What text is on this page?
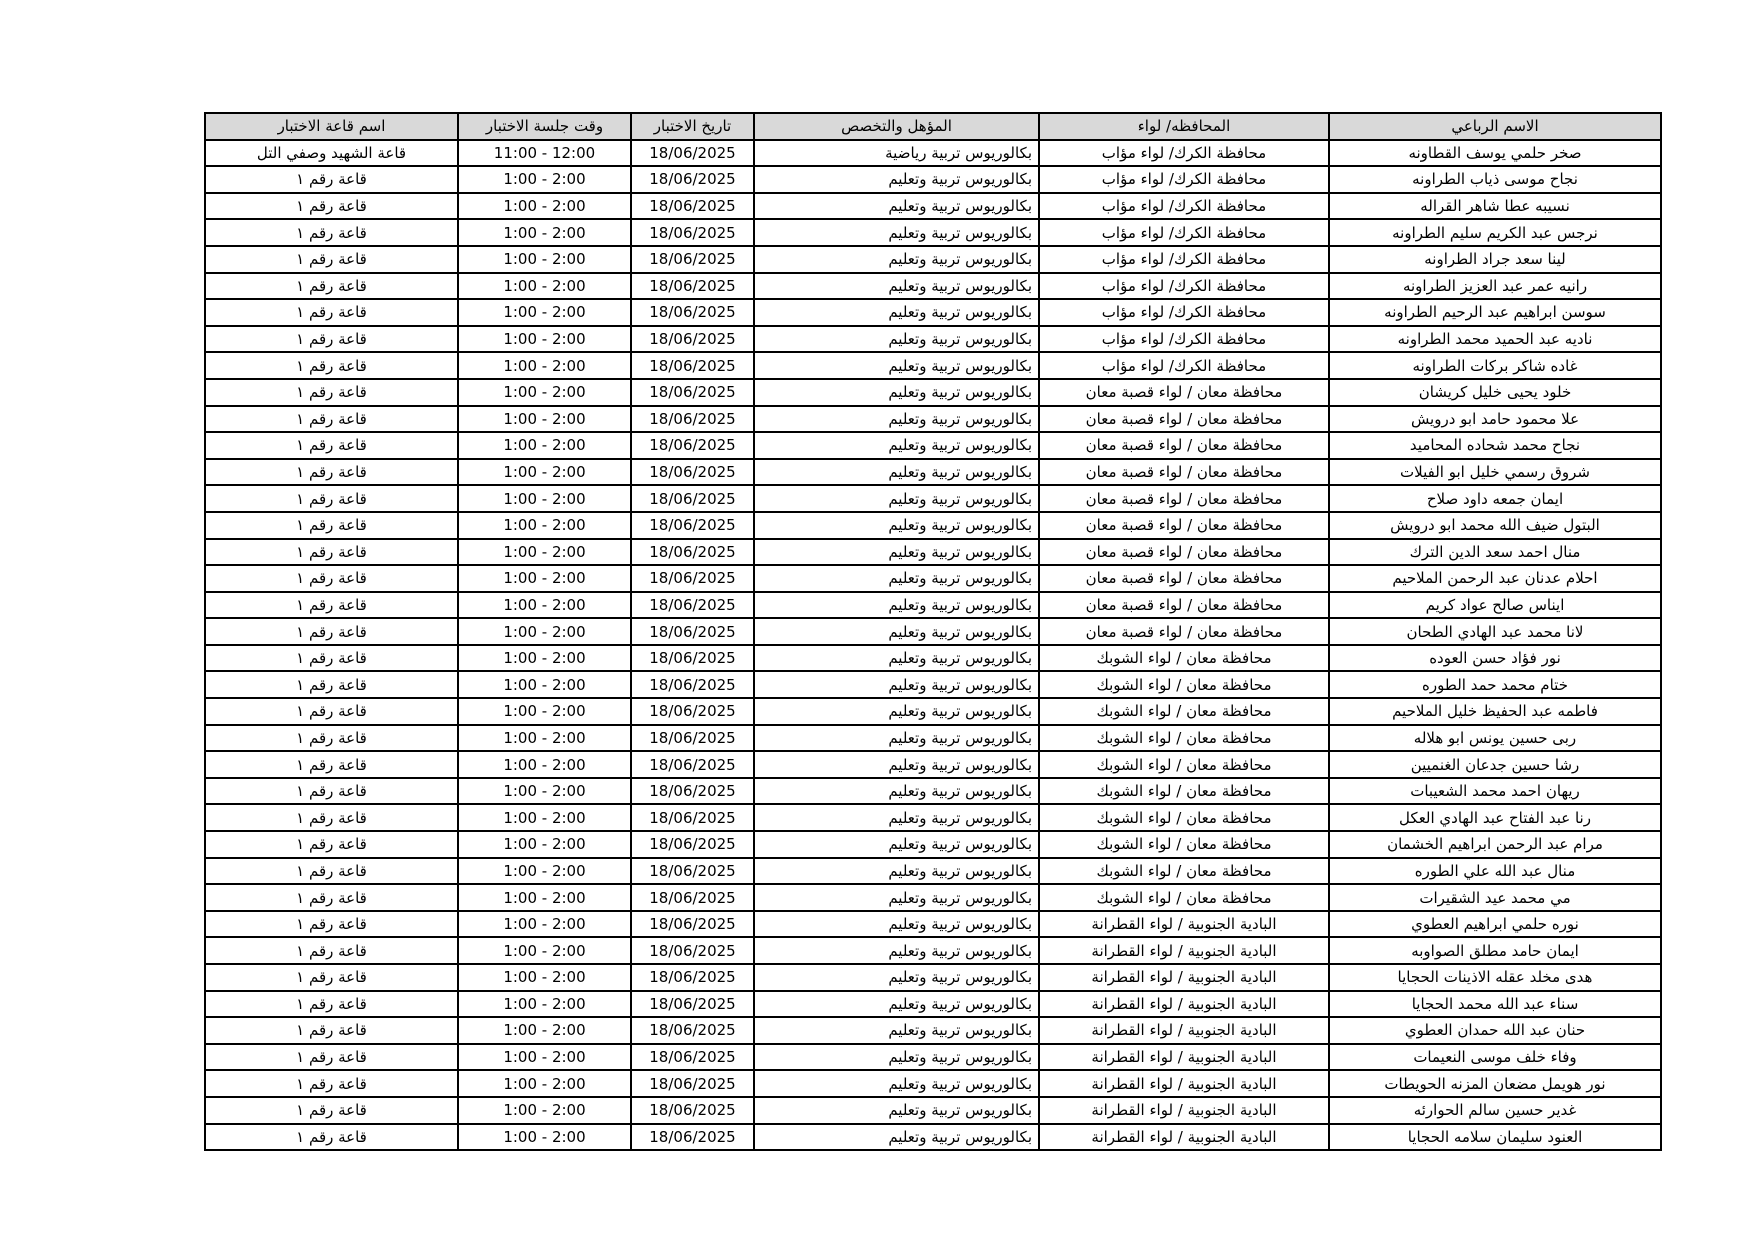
اسم قاعة الاختبار	وقت جلسة الاختبار	تاريخ الاختبار	المؤهل والتخصص	المحافظه/ لواء	الاسم الرباعي
قاعة الشهيد وصفي التل	11:00 - 12:00	18/06/2025	بكالوريوس تربية رياضية	محافظة الكرك/ لواء مؤاب	صخر حلمي يوسف القطاونه
قاعة رقم ١	1:00 - 2:00	18/06/2025	بكالوريوس تربية وتعليم	محافظة الكرك/ لواء مؤاب	نجاح موسى ذياب الطراونه
قاعة رقم ١	1:00 - 2:00	18/06/2025	بكالوريوس تربية وتعليم	محافظة الكرك/ لواء مؤاب	نسيبه عطا شاهر القراله
قاعة رقم ١	1:00 - 2:00	18/06/2025	بكالوريوس تربية وتعليم	محافظة الكرك/ لواء مؤاب	نرجس عبد الكريم سليم الطراونه
قاعة رقم ١	1:00 - 2:00	18/06/2025	بكالوريوس تربية وتعليم	محافظة الكرك/ لواء مؤاب	لينا سعد جراد الطراونه
قاعة رقم ١	1:00 - 2:00	18/06/2025	بكالوريوس تربية وتعليم	محافظة الكرك/ لواء مؤاب	رانيه عمر عبد العزيز الطراونه
قاعة رقم ١	1:00 - 2:00	18/06/2025	بكالوريوس تربية وتعليم	محافظة الكرك/ لواء مؤاب	سوسن ابراهيم عبد الرحيم الطراونه
قاعة رقم ١	1:00 - 2:00	18/06/2025	بكالوريوس تربية وتعليم	محافظة الكرك/ لواء مؤاب	ناديه عبد الحميد محمد الطراونه
قاعة رقم ١	1:00 - 2:00	18/06/2025	بكالوريوس تربية وتعليم	محافظة الكرك/ لواء مؤاب	غاده شاكر بركات الطراونه
قاعة رقم ١	1:00 - 2:00	18/06/2025	بكالوريوس تربية وتعليم	محافظة معان / لواء قصبة معان	خلود يحيى خليل كريشان
قاعة رقم ١	1:00 - 2:00	18/06/2025	بكالوريوس تربية وتعليم	محافظة معان / لواء قصبة معان	علا محمود حامد ابو درويش
قاعة رقم ١	1:00 - 2:00	18/06/2025	بكالوريوس تربية وتعليم	محافظة معان / لواء قصبة معان	نجاح محمد شحاده المحاميد
قاعة رقم ١	1:00 - 2:00	18/06/2025	بكالوريوس تربية وتعليم	محافظة معان / لواء قصبة معان	شروق رسمي خليل ابو الفيلات
قاعة رقم ١	1:00 - 2:00	18/06/2025	بكالوريوس تربية وتعليم	محافظة معان / لواء قصبة معان	ايمان جمعه داود صلاح
قاعة رقم ١	1:00 - 2:00	18/06/2025	بكالوريوس تربية وتعليم	محافظة معان / لواء قصبة معان	البتول ضيف الله محمد ابو درويش
قاعة رقم ١	1:00 - 2:00	18/06/2025	بكالوريوس تربية وتعليم	محافظة معان / لواء قصبة معان	منال احمد سعد الدين الترك
قاعة رقم ١	1:00 - 2:00	18/06/2025	بكالوريوس تربية وتعليم	محافظة معان / لواء قصبة معان	احلام عدنان عبد الرحمن الملاحيم
قاعة رقم ١	1:00 - 2:00	18/06/2025	بكالوريوس تربية وتعليم	محافظة معان / لواء قصبة معان	ايناس صالح عواد كريم
قاعة رقم ١	1:00 - 2:00	18/06/2025	بكالوريوس تربية وتعليم	محافظة معان / لواء قصبة معان	لانا محمد عبد الهادي الطحان
قاعة رقم ١	1:00 - 2:00	18/06/2025	بكالوريوس تربية وتعليم	محافظة معان / لواء الشوبك	نور فؤاد حسن العوده
قاعة رقم ١	1:00 - 2:00	18/06/2025	بكالوريوس تربية وتعليم	محافظة معان / لواء الشوبك	ختام محمد حمد الطوره
قاعة رقم ١	1:00 - 2:00	18/06/2025	بكالوريوس تربية وتعليم	محافظة معان / لواء الشوبك	فاطمه عبد الحفيظ خليل الملاحيم
قاعة رقم ١	1:00 - 2:00	18/06/2025	بكالوريوس تربية وتعليم	محافظة معان / لواء الشوبك	ربى حسين يونس ابو هلاله
قاعة رقم ١	1:00 - 2:00	18/06/2025	بكالوريوس تربية وتعليم	محافظة معان / لواء الشوبك	رشا حسين جدعان الغنميين
قاعة رقم ١	1:00 - 2:00	18/06/2025	بكالوريوس تربية وتعليم	محافظة معان / لواء الشوبك	ريهان احمد محمد الشعيبات
قاعة رقم ١	1:00 - 2:00	18/06/2025	بكالوريوس تربية وتعليم	محافظة معان / لواء الشوبك	رنا عبد الفتاح عبد الهادي العكل
قاعة رقم ١	1:00 - 2:00	18/06/2025	بكالوريوس تربية وتعليم	محافظة معان / لواء الشوبك	مرام عبد الرحمن ابراهيم الخشمان
قاعة رقم ١	1:00 - 2:00	18/06/2025	بكالوريوس تربية وتعليم	محافظة معان / لواء الشوبك	منال عبد الله علي الطوره
قاعة رقم ١	1:00 - 2:00	18/06/2025	بكالوريوس تربية وتعليم	محافظة معان / لواء الشوبك	مي محمد عيد الشقيرات
قاعة رقم ١	1:00 - 2:00	18/06/2025	بكالوريوس تربية وتعليم	البادية الجنوبية / لواء القطرانة	نوره حلمي ابراهيم العطوي
قاعة رقم ١	1:00 - 2:00	18/06/2025	بكالوريوس تربية وتعليم	البادية الجنوبية / لواء القطرانة	ايمان حامد مطلق الصواوبه
قاعة رقم ١	1:00 - 2:00	18/06/2025	بكالوريوس تربية وتعليم	البادية الجنوبية / لواء القطرانة	هدى مخلد عقله الاذينات الحجايا
قاعة رقم ١	1:00 - 2:00	18/06/2025	بكالوريوس تربية وتعليم	البادية الجنوبية / لواء القطرانة	سناء عبد الله محمد الحجايا
قاعة رقم ١	1:00 - 2:00	18/06/2025	بكالوريوس تربية وتعليم	البادية الجنوبية / لواء القطرانة	حنان عبد الله حمدان العطوي
قاعة رقم ١	1:00 - 2:00	18/06/2025	بكالوريوس تربية وتعليم	البادية الجنوبية / لواء القطرانة	وفاء خلف موسى النعيمات
قاعة رقم ١	1:00 - 2:00	18/06/2025	بكالوريوس تربية وتعليم	البادية الجنوبية / لواء القطرانة	نور هويمل مضعان المزنه الحويطات
قاعة رقم ١	1:00 - 2:00	18/06/2025	بكالوريوس تربية وتعليم	البادية الجنوبية / لواء القطرانة	غدير حسين سالم الحوارئه
قاعة رقم ١	1:00 - 2:00	18/06/2025	بكالوريوس تربية وتعليم	البادية الجنوبية / لواء القطرانة	العنود سليمان سلامه الحجايا
